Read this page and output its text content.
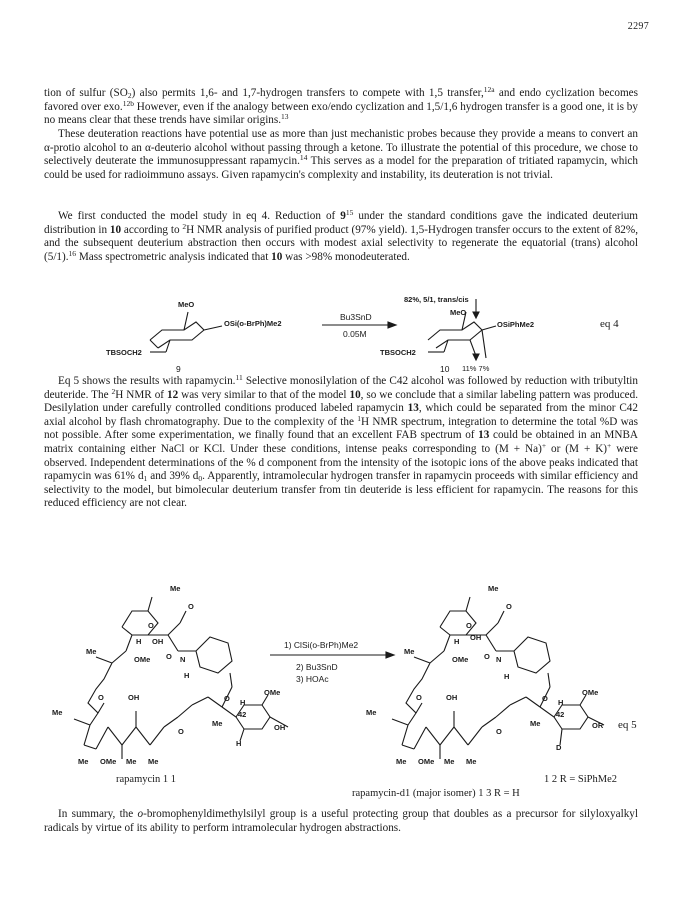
2297

tion of sulfur $(SO_2)$ also permits 1,6- and 1,7-hydrogen transfers to compete with 1,5 transfer,$^{12a}$ and endo cyclization becomes favored over exo.$^{12b}$ However, even if the analogy between exo/endo cyclization and 1,5/1,6 hydrogen transfer is a good one, it is by no means clear that these trends have similar origins.$^{13}$

These deuteration reactions have potential use as more than just mechanistic probes because they provide a means to convert an α-protio alcohol to an α-deuterio alcohol without passing through a ketone. To illustrate the potential of this procedure, we chose to selectively deuterate the immunosuppressant rapamycin.$^{14}$ This serves as a model for the preparation of tritiated rapamycin, which could be used for radioimmuno assays. Given rapamycin's complexity and instability, its deuteration is not trivial.

We first conducted the model study in eq 4. Reduction of $9^{15}$ under the standard conditions gave the indicated deuterium distribution in 10 according to $^2$H NMR analysis of purified product (97% yield). 1,5-Hydrogen transfer occurs to the extent of 82%, and the subsequent deuterium abstraction then occurs with modest axial selectivity to regenerate the equatorial (trans) alcohol (5/1).$^{16}$ Mass spectrometric analysis indicated that 10 was >98% monodeuterated.

MeO
OSi(o-BrPh)Me2
TBSOCH2
9
Bu3SnD
0.05M
82%, 5/1, trans/cis
MeO
OSiPhMe2
TBSOCH2
10 11% 7%
eq 4

Eq 5 shows the results with rapamycin.$^{11}$ Selective monosilylation of the C42 alcohol was followed by reduction with tributyltin deuteride. The $^2$H NMR of 12 was very similar to that of the model 10, so we conclude that a similar labeling pattern was produced. Desilylation under carefully controlled conditions produced labeled rapamycin 13, which could be separated from the minor C42 axial alcohol by flash chromatography. Due to the complexity of the $^1$H NMR spectrum, integration to determine the total %D was not possible. After some experimentation, we finally found that an excellent FAB spectrum of 13 could be obtained in an MNBA matrix containing either NaCl or KCl. Under these conditions, intense peaks corresponding to (M + Na)+ or (M + K)+ were observed. Independent determinations of the % d component from the intensity of the isotopic ions of the above peaks indicated that rapamycin was 61% $d_1$ and 39% $d_0$. Apparently, intramolecular hydrogen transfer in rapamycin proceeds with similar efficiency and selectivity to the model, but bimolecular deuterium transfer from tin deuteride is less efficient for rapamycin. The reasons for this reduced efficiency are not clear.

Me
O
H OH
O
Me
OMe O N
H
O H
OMe
Me
O	OH
Me
O
42
OH
H
Me OMe Me Me
1) ClSi(o-BrPh)Me2
2) Bu3SnD
3) HOAc
Me
O
H OH
O
Me
OMe O N
H
O H
OMe
Me
O	OH
Me
O
42
OR
D
Me OMe Me Me
eq 5
rapamycin 1 1	1 2 R = SiPhMe2
rapamycin-d1 (major isomer) 1 3 R = H

In summary, the o-bromophenyldimethylsilyl group is a useful protecting group that doubles as a precursor for silyloxyalkyl radicals by virtue of its ability to perform intramolecular hydrogen abstractions.
